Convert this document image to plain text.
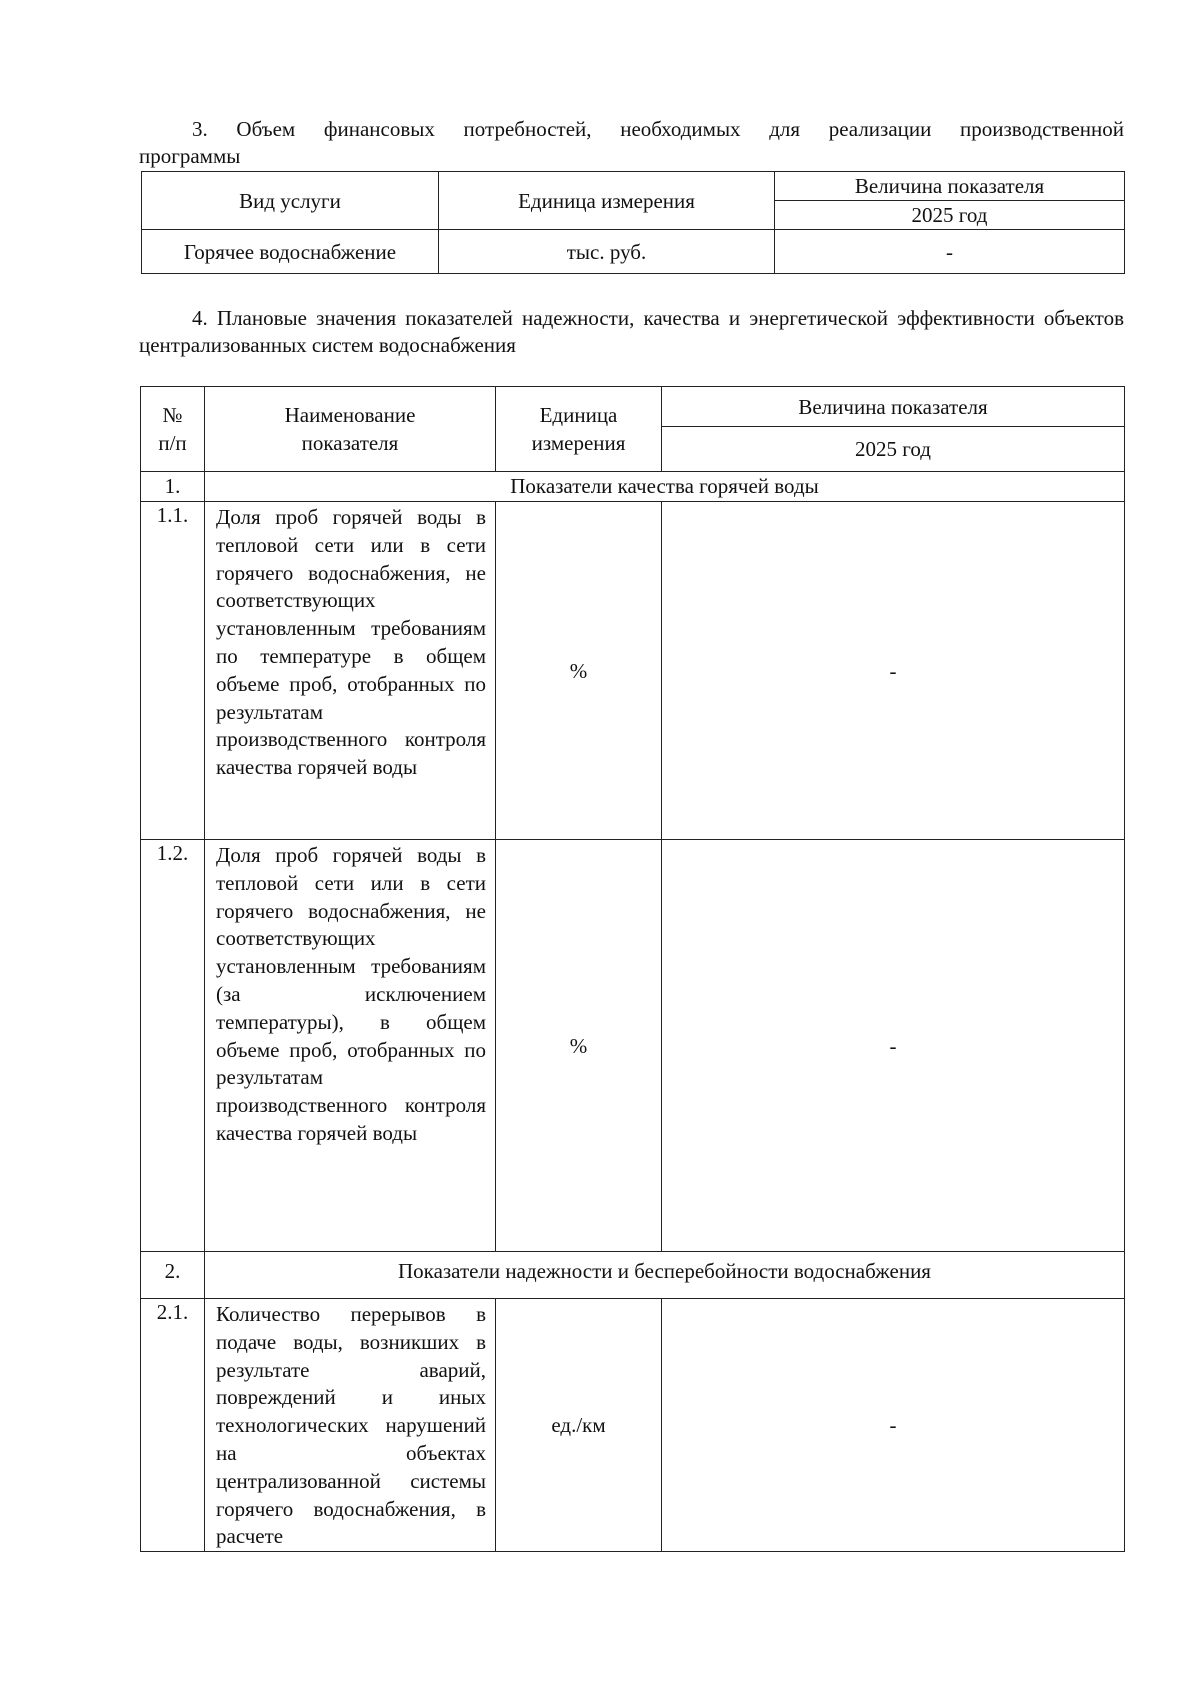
3. Объем финансовых потребностей, необходимых для реализации производственной
программы
Вид услуги	Единица измерения	Величина показателя
		2025 год
Горячее водоснабжение	тыс. руб.	-
4. Плановые значения показателей надежности, качества и энергетической эффективности объектов централизованных систем водоснабжения
№ п/п	Наименование показателя	Единица измерения	Величина показателя
			2025 год
1.	Показатели качества горячей воды		
1.1.	Доля проб горячей воды в тепловой сети или в сети горячего водоснабжения, не соответствующих установленным требованиям по температуре в общем объеме проб, отобранных по результатам производственного контроля качества горячей воды	%	-
1.2.	Доля проб горячей воды в тепловой сети или в сети горячего водоснабжения, не соответствующих установленным требованиям (за исключением температуры), в общем объеме проб, отобранных по результатам производственного контроля качества горячей воды	%	-
2.	Показатели надежности и бесперебойности водоснабжения		
2.1.	Количество перерывов в подаче воды, возникших в результате аварий, повреждений и иных технологических нарушений на объектах централизованной системы горячего водоснабжения, в расчете	ед./км	-
